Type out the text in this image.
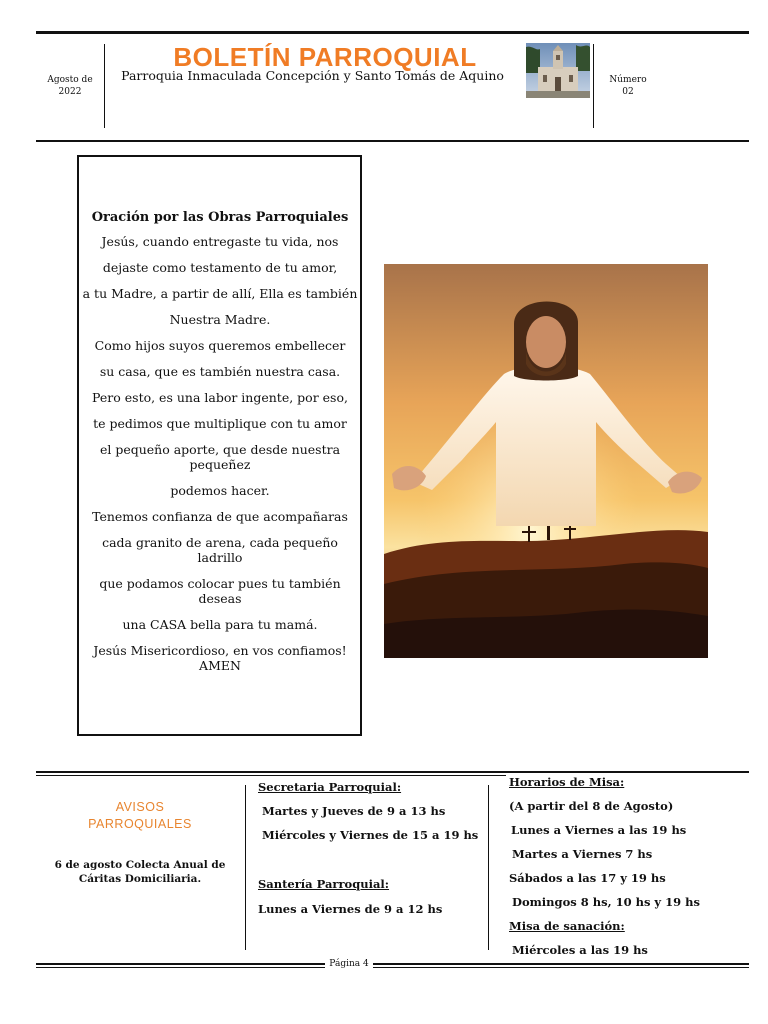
Agosto de
2022
BOLETÍN PARROQUIAL
Parroquia Inmaculada Concepción y Santo Tomás de Aquino	Número
02
Oración por las Obras Parroquiales
Jesús, cuando entregaste tu vida, nos
dejaste como testamento de tu amor,
a tu Madre, a partir de allí, Ella es también
Nuestra Madre.
Como hijos suyos queremos embellecer
su casa, que es también nuestra casa.
Pero esto, es una labor ingente, por eso,
te pedimos que multiplique con tu amor
el pequeño aporte, que desde nuestra pequeñez
podemos hacer.
Tenemos confianza de que acompañaras
cada granito de arena, cada pequeño ladrillo
que podamos colocar pues tu también deseas
una CASA bella para tu mamá.
Jesús Misericordioso, en vos confiamos! AMEN
AVISOS
PARROQUIALES
6 de agosto Colecta Anual de Cáritas Domiciliaria.
Secretaria Parroquial:
Martes y Jueves de 9 a 13 hs
Miércoles y Viernes de 15 a 19 hs
Santería Parroquial:
Lunes a Viernes de 9 a 12 hs
Horarios de Misa:
(A partir del 8 de Agosto)
Lunes a Viernes a las 19 hs
Martes a Viernes 7 hs
Sábados a las 17 y 19 hs
Domingos 8 hs, 10 hs y 19 hs
Misa de sanación:
Miércoles a las 19 hs
Página 4
